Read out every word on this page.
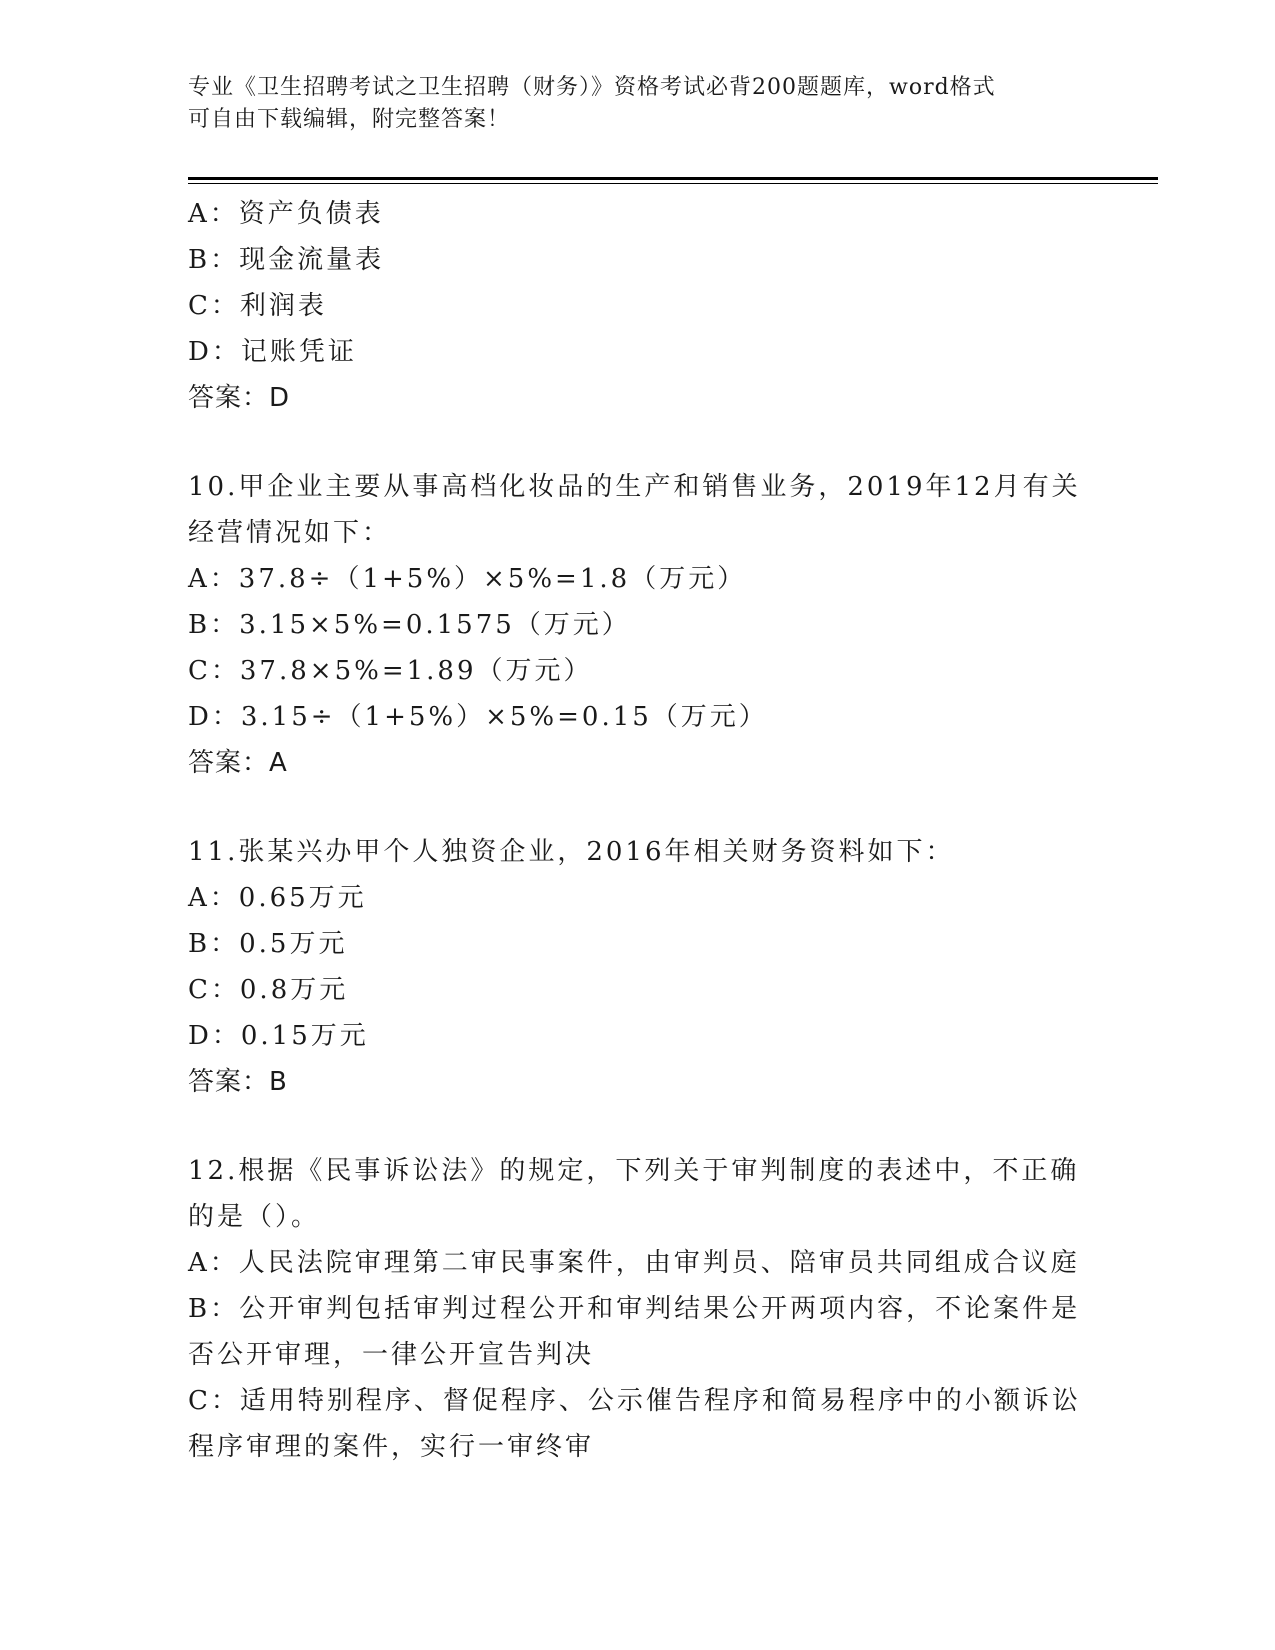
专业《卫生招聘考试之卫生招聘（财务）》资格考试必背200题题库，word格式
可自由下载编辑，附完整答案！
A：资产负债表
B：现金流量表
C：利润表
D：记账凭证
答案：D
10.甲企业主要从事高档化妆品的生产和销售业务，2019年12月有关
经营情况如下：
A：37.8÷（1+5%）×5%=1.8（万元）
B：3.15×5%=0.1575（万元）
C：37.8×5%=1.89（万元）
D：3.15÷（1+5%）×5%=0.15（万元）
答案：A
11.张某兴办甲个人独资企业，2016年相关财务资料如下：
A：0.65万元
B：0.5万元
C：0.8万元
D：0.15万元
答案：B
12.根据《民事诉讼法》的规定，下列关于审判制度的表述中，不正确
的是（）。
A：人民法院审理第二审民事案件，由审判员、陪审员共同组成合议庭
B：公开审判包括审判过程公开和审判结果公开两项内容，不论案件是
否公开审理，一律公开宣告判决
C：适用特别程序、督促程序、公示催告程序和简易程序中的小额诉讼
程序审理的案件，实行一审终审
